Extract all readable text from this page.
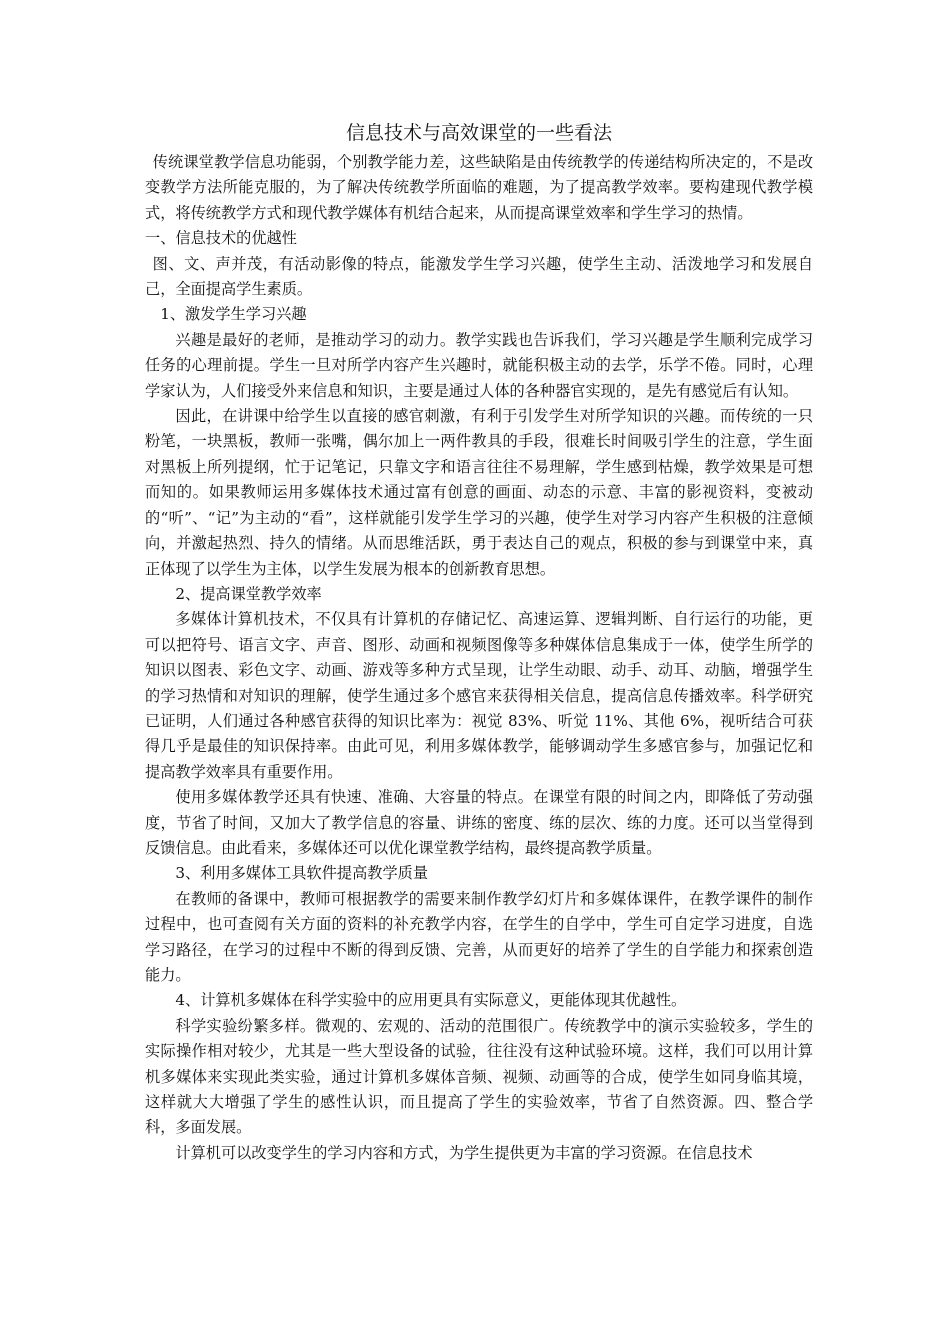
信息技术与高效课堂的一些看法

传统课堂教学信息功能弱，个别教学能力差，这些缺陷是由传统教学的传递结构所决定的，不是改变教学方法所能克服的，为了解决传统教学所面临的难题，为了提高教学效率。要构建现代教学模式，将传统教学方式和现代教学媒体有机结合起来，从而提高课堂效率和学生学习的热情。

一、信息技术的优越性

图、文、声并茂，有活动影像的特点，能激发学生学习兴趣，使学生主动、活泼地学习和发展自己，全面提高学生素质。

1、激发学生学习兴趣

兴趣是最好的老师，是推动学习的动力。教学实践也告诉我们，学习兴趣是学生顺利完成学习任务的心理前提。学生一旦对所学内容产生兴趣时，就能积极主动的去学，乐学不倦。同时，心理学家认为，人们接受外来信息和知识，主要是通过人体的各种器官实现的，是先有感觉后有认知。

因此，在讲课中给学生以直接的感官刺激，有利于引发学生对所学知识的兴趣。而传统的一只粉笔，一块黑板，教师一张嘴，偶尔加上一两件教具的手段，很难长时间吸引学生的注意，学生面对黑板上所列提纲，忙于记笔记，只靠文字和语言往往不易理解，学生感到枯燥，教学效果是可想而知的。如果教师运用多媒体技术通过富有创意的画面、动态的示意、丰富的影视资料，变被动的“听”、“记”为主动的“看”，这样就能引发学生学习的兴趣，使学生对学习内容产生积极的注意倾向，并激起热烈、持久的情绪。从而思维活跃，勇于表达自己的观点，积极的参与到课堂中来，真正体现了以学生为主体，以学生发展为根本的创新教育思想。

2、提高课堂教学效率

多媒体计算机技术，不仅具有计算机的存储记忆、高速运算、逻辑判断、自行运行的功能，更可以把符号、语言文字、声音、图形、动画和视频图像等多种媒体信息集成于一体，使学生所学的知识以图表、彩色文字、动画、游戏等多种方式呈现，让学生动眼、动手、动耳、动脑，增强学生的学习热情和对知识的理解，使学生通过多个感官来获得相关信息，提高信息传播效率。科学研究已证明，人们通过各种感官获得的知识比率为：视觉 83%、听觉 11%、其他 6%，视听结合可获得几乎是最佳的知识保持率。由此可见，利用多媒体教学，能够调动学生多感官参与，加强记忆和提高教学效率具有重要作用。

使用多媒体教学还具有快速、准确、大容量的特点。在课堂有限的时间之内，即降低了劳动强度，节省了时间，又加大了教学信息的容量、讲练的密度、练的层次、练的力度。还可以当堂得到反馈信息。由此看来，多媒体还可以优化课堂教学结构，最终提高教学质量。

3、利用多媒体工具软件提高教学质量

在教师的备课中，教师可根据教学的需要来制作教学幻灯片和多媒体课件，在教学课件的制作过程中，也可查阅有关方面的资料的补充教学内容，在学生的自学中，学生可自定学习进度，自选学习路径，在学习的过程中不断的得到反馈、完善，从而更好的培养了学生的自学能力和探索创造能力。

4、计算机多媒体在科学实验中的应用更具有实际意义，更能体现其优越性。

科学实验纷繁多样。微观的、宏观的、活动的范围很广。传统教学中的演示实验较多，学生的实际操作相对较少，尤其是一些大型设备的试验，往往没有这种试验环境。这样，我们可以用计算机多媒体来实现此类实验，通过计算机多媒体音频、视频、动画等的合成，使学生如同身临其境，这样就大大增强了学生的感性认识，而且提高了学生的实验效率，节省了自然资源。四、整合学科，多面发展。

计算机可以改变学生的学习内容和方式，为学生提供更为丰富的学习资源。在信息技术
